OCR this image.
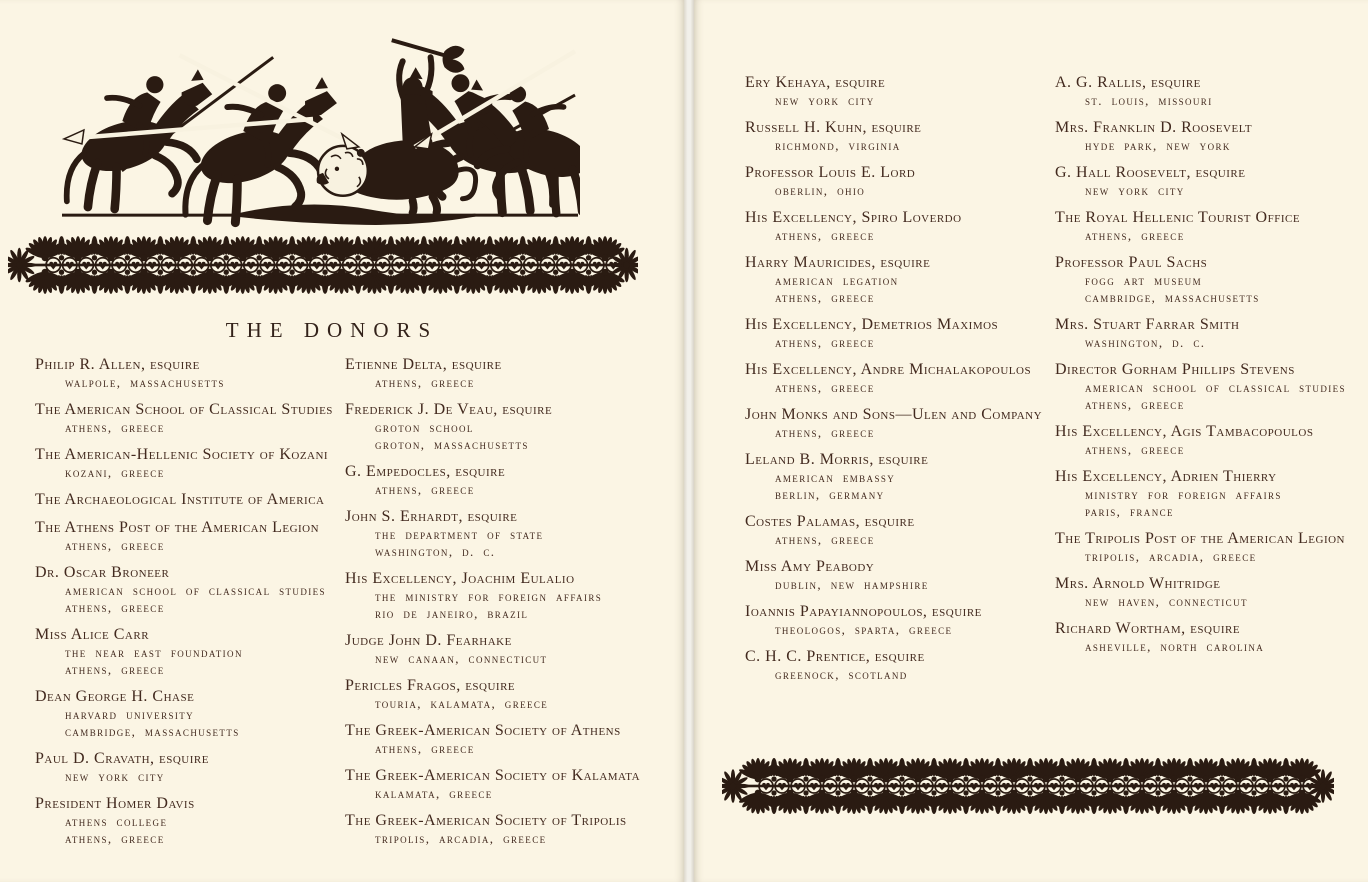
THE DONORS
Philip R. Allen, esquire
walpole, massachusetts
The American School of Classical Studies
athens, greece
The American-Hellenic Society of Kozani
kozani, greece
The Archaeological Institute of America
The Athens Post of the American Legion
athens, greece
Dr. Oscar Broneer
american school of classical studies
athens, greece
Miss Alice Carr
the near east foundation
athens, greece
Dean George H. Chase
harvard university
cambridge, massachusetts
Paul D. Cravath, esquire
new york city
President Homer Davis
athens college
athens, greece
Etienne Delta, esquire
athens, greece
Frederick J. De Veau, esquire
groton school
groton, massachusetts
G. Empedocles, esquire
athens, greece
John S. Erhardt, esquire
the department of state
washington, d. c.
His Excellency, Joachim Eulalio
the ministry for foreign affairs
rio de janeiro, brazil
Judge John D. Fearhake
new canaan, connecticut
Pericles Fragos, esquire
touria, kalamata, greece
The Greek-American Society of Athens
athens, greece
The Greek-American Society of Kalamata
kalamata, greece
The Greek-American Society of Tripolis
tripolis, arcadia, greece
Ery Kehaya, esquire
new york city
Russell H. Kuhn, esquire
richmond, virginia
Professor Louis E. Lord
oberlin, ohio
His Excellency, Spiro Loverdo
athens, greece
Harry Mauricides, esquire
american legation
athens, greece
His Excellency, Demetrios Maximos
athens, greece
His Excellency, Andre Michalakopoulos
athens, greece
John Monks and Sons—Ulen and Company
athens, greece
Leland B. Morris, esquire
american embassy
berlin, germany
Costes Palamas, esquire
athens, greece
Miss Amy Peabody
dublin, new hampshire
Ioannis Papayiannopoulos, esquire
theologos, sparta, greece
C. H. C. Prentice, esquire
greenock, scotland
A. G. Rallis, esquire
st. louis, missouri
Mrs. Franklin D. Roosevelt
hyde park, new york
G. Hall Roosevelt, esquire
new york city
The Royal Hellenic Tourist Office
athens, greece
Professor Paul Sachs
fogg art museum
cambridge, massachusetts
Mrs. Stuart Farrar Smith
washington, d. c.
Director Gorham Phillips Stevens
american school of classical studies
athens, greece
His Excellency, Agis Tambacopoulos
athens, greece
His Excellency, Adrien Thierry
ministry for foreign affairs
paris, france
The Tripolis Post of the American Legion
tripolis, arcadia, greece
Mrs. Arnold Whitridge
new haven, connecticut
Richard Wortham, esquire
asheville, north carolina
